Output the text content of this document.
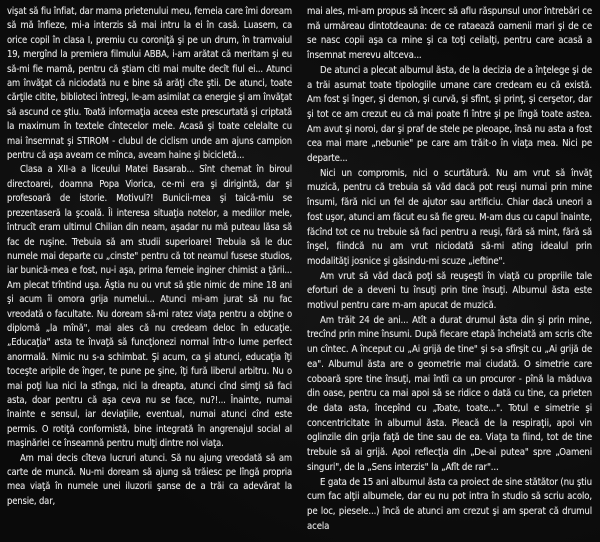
vişat să fiu înfiat, dar mama prietenului meu, femeia care îmi doream să mă înfieze, mi-a interzis să mai intru la ei în casă. Luasem, ca orice copil în clasa I, premiu cu coroniţă şi pe un drum, în tramvaiul 19, mergînd la premiera filmului ABBA, i-am arătat că meritam şi eu să-mi fie mamă, pentru că ştiam citi mai multe decît fiul ei... Atunci am învăţat că niciodată nu e bine să arăţi cîte ştii. De atunci, toate cărţile citite, biblioteci întregi, le-am asimilat ca energie şi am învăţat să ascund ce ştiu. Toată informaţia aceea este prescurtată şi criptată la maximum în textele cîntecelor mele. Acasă şi toate celelalte cu mai însemnat şi STIROM - clubul de ciclism unde am ajuns campion pentru că aşa aveam ce mînca, aveam haine şi bicicletă...

Clasa a XII-a a liceului Matei Basarab... Sînt chemat în biroul directoarei, doamna Popa Viorica, ce-mi era şi dirigintă, dar şi profesoară de istorie. Motivul?! Bunicii-mea şi taică-miu se prezentaseră la şcoală. Îi interesa situaţia notelor, a mediilor mele, întrucît eram ultimul Chilian din neam, aşadar nu mă puteau lăsa să fac de ruşine. Trebuia să am studii superioare! Trebuia să le duc numele mai departe cu „cinste" pentru că tot neamul fusese studios, iar bunică-mea e fost, nu-i aşa, prima femeie inginer chimist a ţării... Am plecat trîntind uşa. Ăştia nu ou vrut să ştie nimic de mine 18 ani şi acum îi omora grija numelui... Atunci mi-am jurat să nu fac vreodată o facultate. Nu doream să-mi ratez viaţa pentru a obţine o diplomă „la mînă", mai ales că nu credeam deloc în educaţie. „Educaţia" asta te învaţă să funcţionezi normal într-o lume perfect anormală. Nimic nu s-a schimbat. Şi acum, ca şi atunci, educaţia îţi toceşte aripile de înger, te pune pe şine, îţi fură liberul arbitru. Nu o mai poţi lua nici la stînga, nici la dreapta, atunci cînd simţi să faci asta, doar pentru că aşa ceva nu se face, nu?!... Înainte, numai înainte e sensul, iar deviaţiile, eventual, numai atunci cînd este permis. O rotiţă conformistă, bine integrată în angrenajul social al maşinăriei ce înseamnă pentru mulţi dintre noi viaţa.

Am mai decis cîteva lucruri atunci. Să nu ajung vreodată să am carte de muncă. Nu-mi doream să ajung să trăiesc pe lîngă propria mea viaţă în numele unei iluzorii şanse de a trăi ca adevărat la pensie, dar,

mai ales, mi-am propus să încerc să aflu răspunsul unor întrebări ce mă urmăreau dintotdeauna: de ce rataează oamenii mari şi de ce se nasc copii aşa ca mine şi ca toţi ceilalţi, pentru care acasă a însemnat merevu altceva...

De atunci a plecat albumul ăsta, de la decizia de a înţelege şi de a trăi asumat toate tipologiile umane care credeam eu că există. Am fost şi înger, şi demon, şi curvă, şi sfînt, şi prinţ, şi cerşetor, dar şi tot ce am crezut eu că mai poate fi între şi pe lîngă toate astea. Am avut şi noroi, dar şi praf de stele pe pleoape, însă nu asta a fost cea mai mare „nebunie" pe care am trăit-o în viaţa mea. Nici pe departe...

Nici un compromis, nici o scurtătură. Nu am vrut să învăţ muzică, pentru că trebuia să văd dacă pot reuşi numai prin mine însumi, fără nici un fel de ajutor sau artificiu. Chiar dacă uneori a fost uşor, atunci am făcut eu să fie greu. M-am dus cu capul înainte, făcînd tot ce nu trebuie să faci pentru a reuşi, fără să mint, fără să înşel, fiindcă nu am vrut niciodată să-mi ating idealul prin modalităţi josnice şi găsindu-mi scuze „ieftine".

Am vrut să văd dacă poţi să reuşeşti în viaţă cu propriile tale eforturi de a deveni tu însuţi prin tine însuţi. Albumul ăsta este motivul pentru care m-am apucat de muzică.

Am trăit 24 de ani... Atît a durat drumul ăsta din şi prin mine, trecînd prin mine însumi. După fiecare etapă încheiată am scris cîte un cîntec. A început cu „Ai grijă de tine" şi s-a sfîrşit cu „Ai grijă de ea". Albumul ăsta are o geometrie mai ciudată. O simetrie care coboară spre tine însuţi, mai întîi ca un procuror - pînă la măduva din oase, pentru ca mai apoi să se ridice o dată cu tine, ca prieten de data asta, începînd cu „Toate, toate...". Totul e simetrie şi concentricitate în albumul ăsta. Pleacă de la respiraţii, apoi vin oglinzile din grija faţă de tine sau de ea. Viaţa ta fiind, tot de tine trebuie să ai grijă. Apoi reflecţia din „De-ai putea" spre „Oameni singuri", de la „Sens interzis" la „Afît de rar"...

E gata de 15 ani albumul ăsta ca proiect de sine stătător (nu ştiu cum fac alţii albumele, dar eu nu pot intra în studio să scriu acolo, pe loc, piesele...) încă de atunci am crezut şi am sperat că drumul acela
